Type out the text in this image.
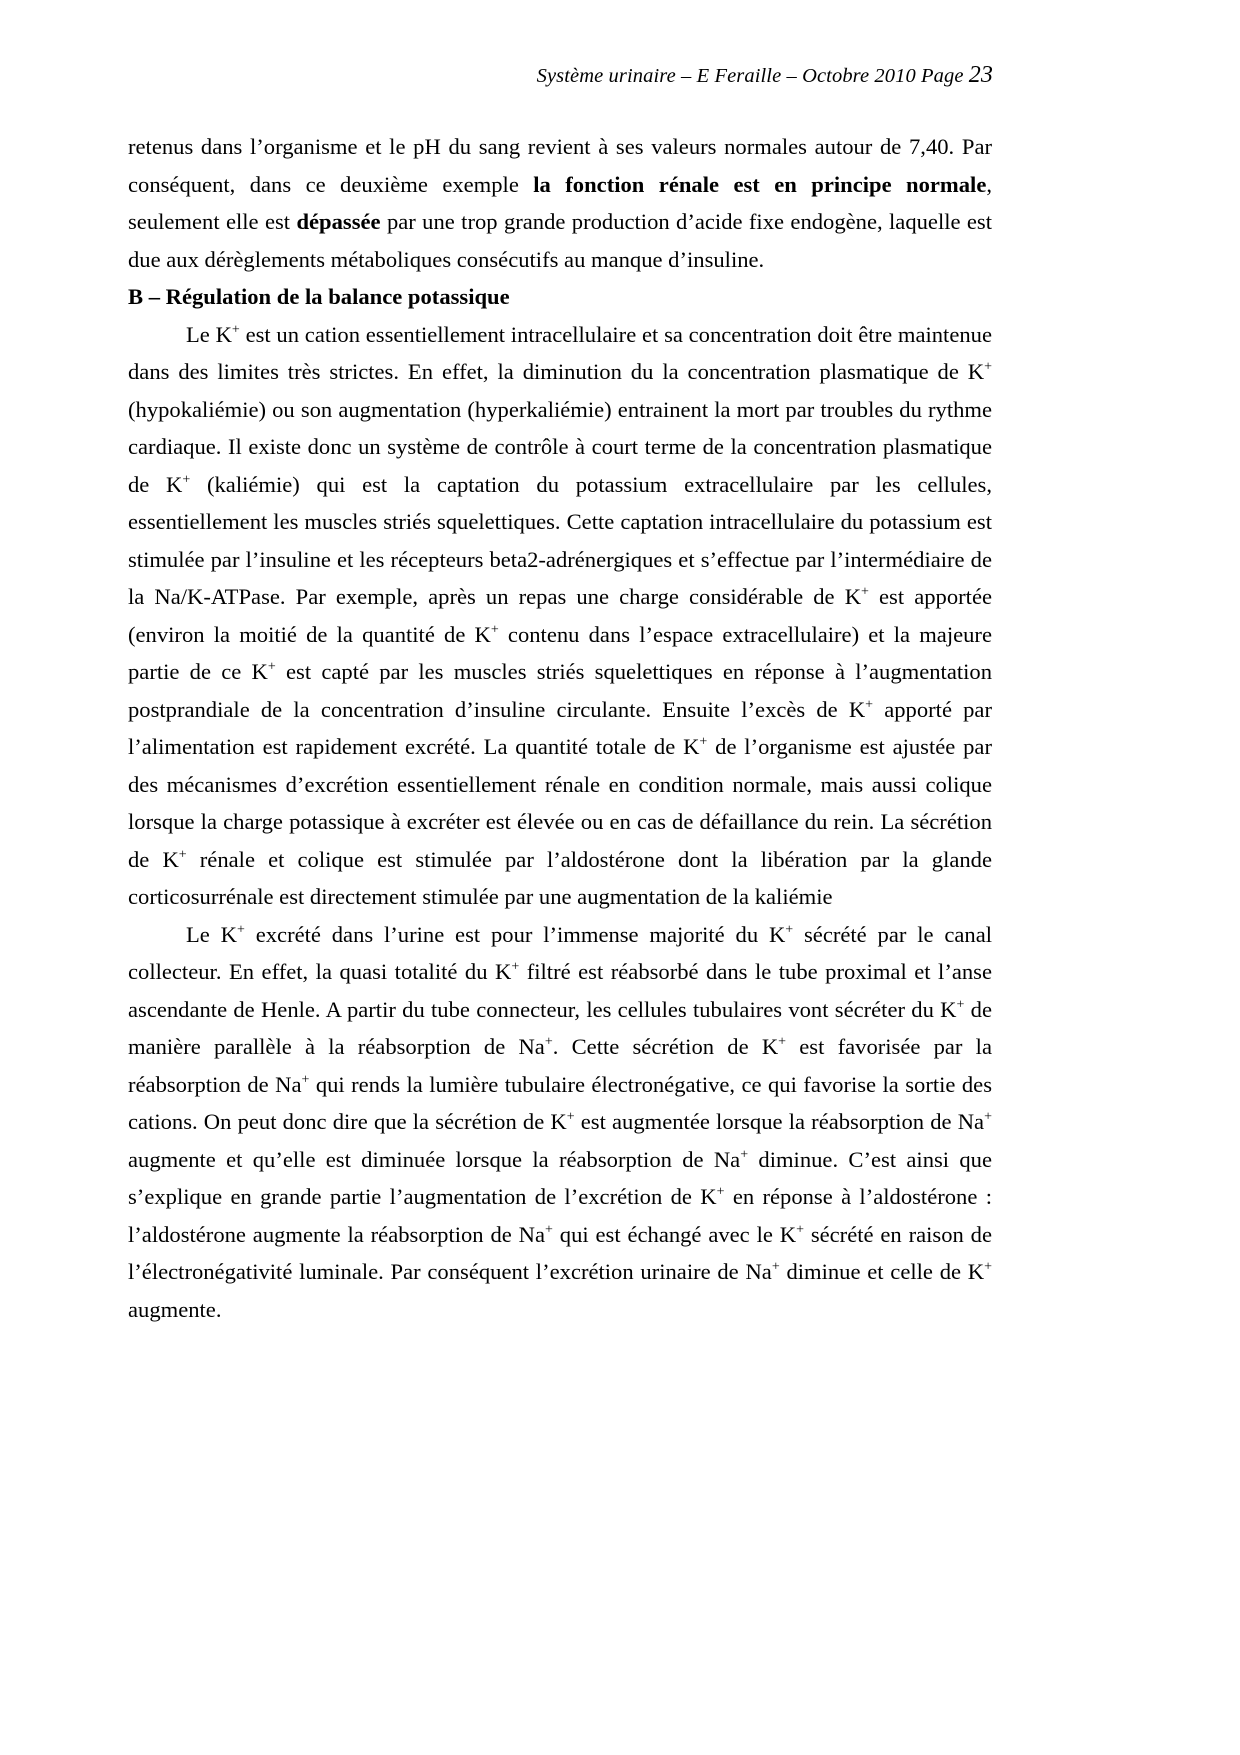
Système urinaire – E Feraille – Octobre 2010 Page 23

retenus dans l’organisme et le pH du sang revient à ses valeurs normales autour de 7,40. Par conséquent, dans ce deuxième exemple la fonction rénale est en principe normale, seulement elle est dépassée par une trop grande production d’acide fixe endogène, laquelle est due aux dérèglements métaboliques consécutifs au manque d’insuline.

B – Régulation de la balance potassique

Le K+ est un cation essentiellement intracellulaire et sa concentration doit être maintenue dans des limites très strictes. En effet, la diminution du la concentration plasmatique de K+ (hypokaliémie) ou son augmentation (hyperkaliémie) entrainent la mort par troubles du rythme cardiaque. Il existe donc un système de contrôle à court terme de la concentration plasmatique de K+ (kaliémie) qui est la captation du potassium extracellulaire par les cellules, essentiellement les muscles striés squelettiques. Cette captation intracellulaire du potassium est stimulée par l’insuline et les récepteurs beta2-adrénergiques et s’effectue par l’intermédiaire de la Na/K-ATPase. Par exemple, après un repas une charge considérable de K+ est apportée (environ la moitié de la quantité de K+ contenu dans l’espace extracellulaire) et la majeure partie de ce K+ est capté par les muscles striés squelettiques en réponse à l’augmentation postprandiale de la concentration d’insuline circulante. Ensuite l’excès de K+ apporté par l’alimentation est rapidement excrété. La quantité totale de K+ de l’organisme est ajustée par des mécanismes d’excrétion essentiellement rénale en condition normale, mais aussi colique lorsque la charge potassique à excréter est élevée ou en cas de défaillance du rein. La sécrétion de K+ rénale et colique est stimulée par l’aldostérone dont la libération par la glande corticosurrénale est directement stimulée par une augmentation de la kaliémie

Le K+ excrété dans l’urine est pour l’immense majorité du K+ sécrété par le canal collecteur. En effet, la quasi totalité du K+ filtré est réabsorbé dans le tube proximal et l’anse ascendante de Henle. A partir du tube connecteur, les cellules tubulaires vont sécréter du K+ de manière parallèle à la réabsorption de Na+. Cette sécrétion de K+ est favorisée par la réabsorption de Na+ qui rends la lumière tubulaire électronégative, ce qui favorise la sortie des cations. On peut donc dire que la sécrétion de K+ est augmentée lorsque la réabsorption de Na+ augmente et qu’elle est diminuée lorsque la réabsorption de Na+ diminue. C’est ainsi que s’explique en grande partie l’augmentation de l’excrétion de K+ en réponse à l’aldostérone : l’aldostérone augmente la réabsorption de Na+ qui est échangé avec le K+ sécrété en raison de l’électronégativité luminale. Par conséquent l’excrétion urinaire de Na+ diminue et celle de K+ augmente.
